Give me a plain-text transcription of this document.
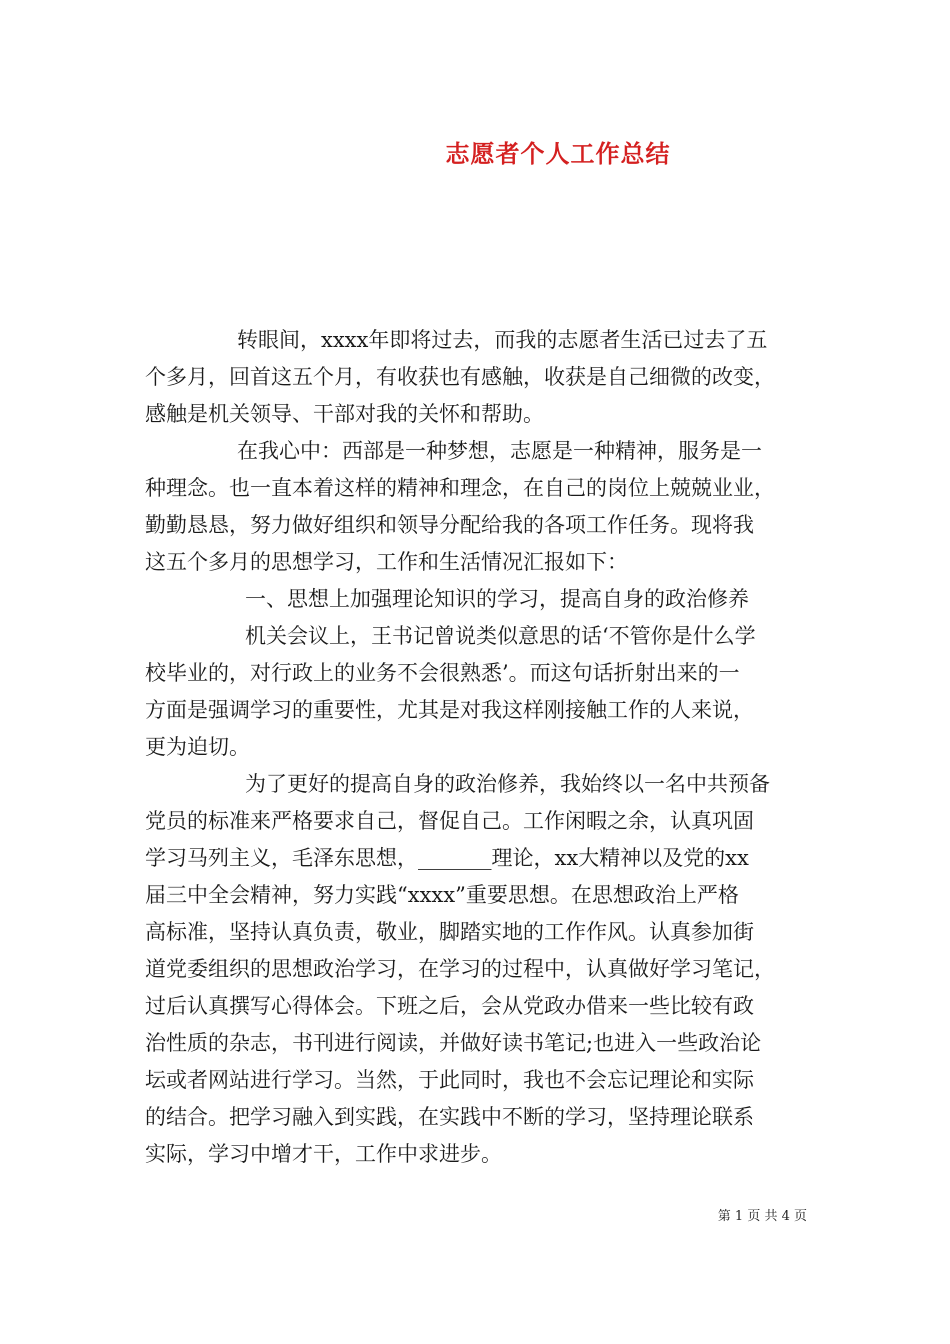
志愿者个人工作总结
转眼间，xxxx年即将过去，而我的志愿者生活已过去了五
个多月，回首这五个月，有收获也有感触，收获是自己细微的改变，
感触是机关领导、干部对我的关怀和帮助。
在我心中：西部是一种梦想，志愿是一种精神，服务是一
种理念。也一直本着这样的精神和理念，在自己的岗位上兢兢业业，
勤勤恳恳，努力做好组织和领导分配给我的各项工作任务。现将我
这五个多月的思想学习，工作和生活情况汇报如下：
一、思想上加强理论知识的学习，提高自身的政治修养
机关会议上，王书记曾说类似意思的话‘不管你是什么学
校毕业的，对行政上的业务不会很熟悉’。而这句话折射出来的一
方面是强调学习的重要性，尤其是对我这样刚接触工作的人来说，
更为迫切。
为了更好的提高自身的政治修养，我始终以一名中共预备
党员的标准来严格要求自己，督促自己。工作闲暇之余，认真巩固
学习马列主义，毛泽东思想，_______理论，xx大精神以及党的xx
届三中全会精神，努力实践“xxxx”重要思想。在思想政治上严格
高标准，坚持认真负责，敬业，脚踏实地的工作作风。认真参加街
道党委组织的思想政治学习，在学习的过程中，认真做好学习笔记，
过后认真撰写心得体会。下班之后，会从党政办借来一些比较有政
治性质的杂志，书刊进行阅读，并做好读书笔记;也进入一些政治论
坛或者网站进行学习。当然，于此同时，我也不会忘记理论和实际
的结合。把学习融入到实践，在实践中不断的学习，坚持理论联系
实际，学习中增才干，工作中求进步。
第 1 页 共 4 页
